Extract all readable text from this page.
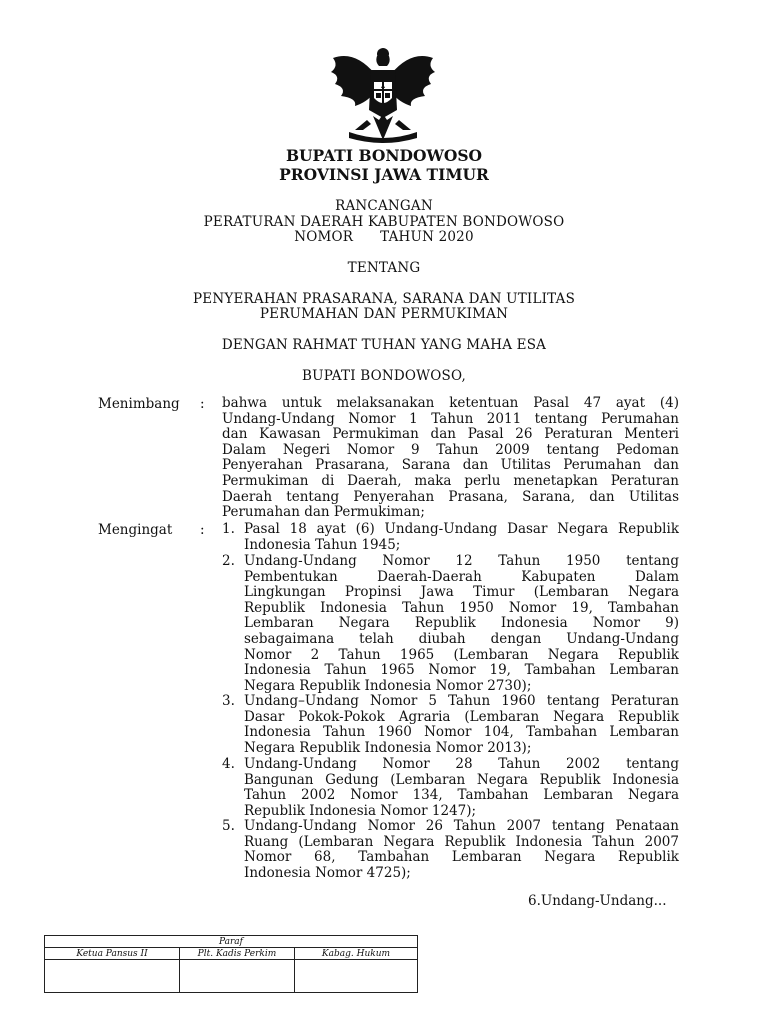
BUPATI BONDOWOSO
PROVINSI JAWA TIMUR
RANCANGAN
PERATURAN DAERAH KABUPATEN BONDOWOSO
NOMOR      TAHUN 2020
TENTANG
PENYERAHAN PRASARANA, SARANA DAN UTILITAS
PERUMAHAN DAN PERMUKIMAN
DENGAN RAHMAT TUHAN YANG MAHA ESA
BUPATI BONDOWOSO,
Menimbang : bahwa untuk melaksanakan ketentuan Pasal 47 ayat (4)
Undang-Undang Nomor 1 Tahun 2011 tentang Perumahan
dan Kawasan Permukiman dan Pasal 26 Peraturan Menteri
Dalam Negeri Nomor 9 Tahun 2009 tentang Pedoman
Penyerahan Prasarana, Sarana dan Utilitas Perumahan dan
Permukiman di Daerah, maka perlu menetapkan Peraturan
Daerah tentang Penyerahan Prasana, Sarana, dan Utilitas
Perumahan dan Permukiman;
Mengingat : 1. Pasal 18 ayat (6) Undang-Undang Dasar Negara Republik
Indonesia Tahun 1945;
2. Undang-Undang Nomor 12 Tahun 1950 tentang
Pembentukan Daerah-Daerah Kabupaten Dalam
Lingkungan Propinsi Jawa Timur (Lembaran Negara
Republik Indonesia Tahun 1950 Nomor 19, Tambahan
Lembaran Negara Republik Indonesia Nomor 9)
sebagaimana telah diubah dengan Undang-Undang
Nomor 2 Tahun 1965 (Lembaran Negara Republik
Indonesia Tahun 1965 Nomor 19, Tambahan Lembaran
Negara Republik Indonesia Nomor 2730);
3. Undang–Undang Nomor 5 Tahun 1960 tentang Peraturan
Dasar Pokok-Pokok Agraria (Lembaran Negara Republik
Indonesia Tahun 1960 Nomor 104, Tambahan Lembaran
Negara Republik Indonesia Nomor 2013);
4. Undang-Undang Nomor 28 Tahun 2002 tentang
Bangunan Gedung (Lembaran Negara Republik Indonesia
Tahun 2002 Nomor 134, Tambahan Lembaran Negara
Republik Indonesia Nomor 1247);
5. Undang-Undang Nomor 26 Tahun 2007 tentang Penataan
Ruang (Lembaran Negara Republik Indonesia Tahun 2007
Nomor 68, Tambahan Lembaran Negara Republik
Indonesia Nomor 4725);
6.Undang-Undang...
Paraf		
Ketua Pansus II	Plt. Kadis Perkim	Kabag. Hukum
